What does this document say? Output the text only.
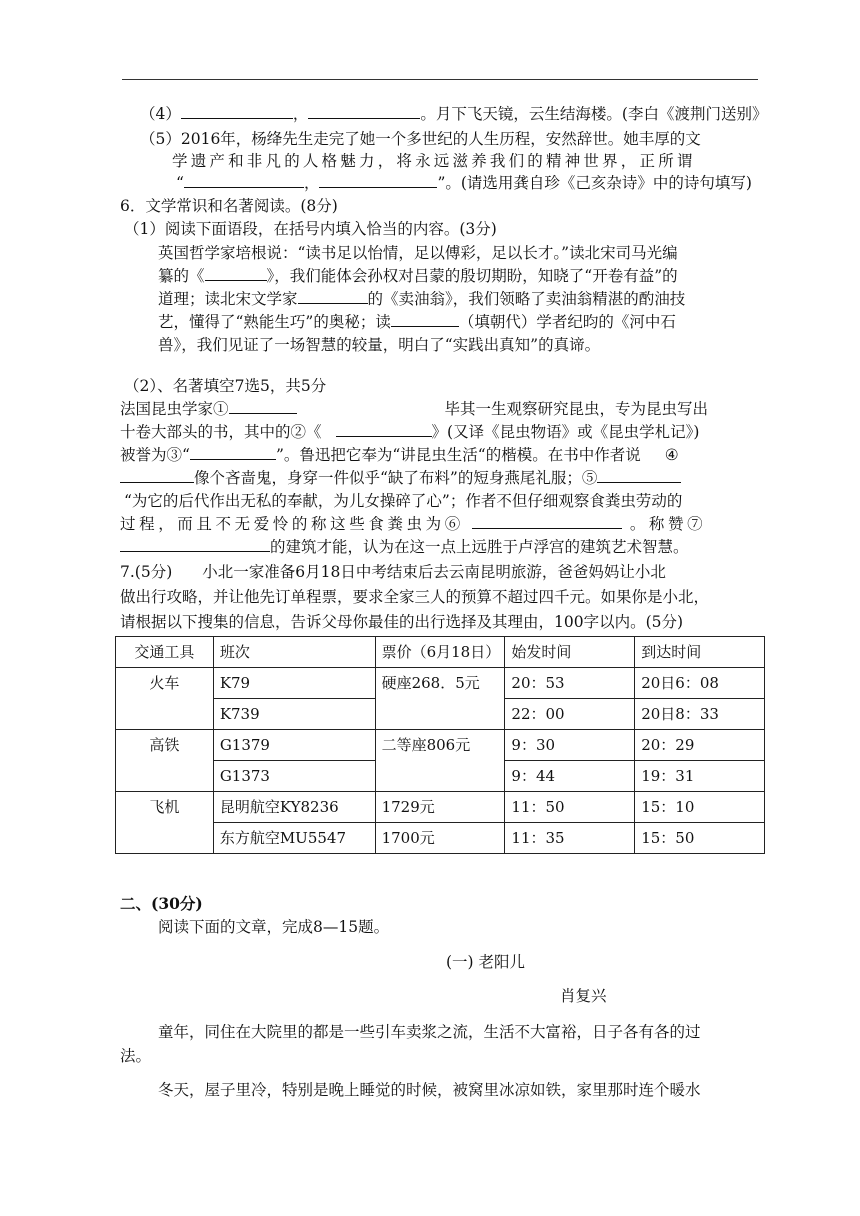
（4）	，	。月下飞天镜，云生结海楼。(李白《渡荆门送别》
（5）2016年，杨绛先生走完了她一个多世纪的人生历程，安然辞世。她丰厚的文
学遗产和非凡的人格魅力，将永远滋养我们的精神世界，正所谓
“	，	”。(请选用龚自珍《己亥杂诗》中的诗句填写)
6．文学常识和名著阅读。(8分)
（1）阅读下面语段，在括号内填入恰当的内容。(3分)
英国哲学家培根说：“读书足以怡情，足以傅彩，足以长才。”读北宋司马光编
纂的《	》，我们能体会孙权对吕蒙的殷切期盼，知晓了“开卷有益”的
道理；读北宋文学家	的《卖油翁》，我们领略了卖油翁精湛的酌油技
艺，懂得了“熟能生巧”的奥秘；读	（填朝代）学者纪昀的《河中石
兽》，我们见证了一场智慧的较量，明白了“实践出真知”的真谛。
（2）、名著填空7选5，共5分
法国昆虫学家①	毕其一生观察研究昆虫，专为昆虫写出
十卷大部头的书，其中的②《	》(又译《昆虫物语》或《昆虫学札记》)
被誉为③“	”。鲁迅把它奉为“讲昆虫生活“的楷模。在书中作者说 ④
像个吝啬鬼，身穿一件似乎“缺了布料”的短身燕尾礼服；⑤
“为它的后代作出无私的奉献，为儿女操碎了心”；作者不但仔细观察食粪虫劳动的
过程，而且不无爱怜的称这些食粪虫为⑥	。称赞⑦
的建筑才能，认为在这一点上远胜于卢浮宫的建筑艺术智慧。
7.(5分) 小北一家准备6月18日中考结束后去云南昆明旅游，爸爸妈妈让小北
做出行攻略，并让他先订单程票，要求全家三人的预算不超过四千元。如果你是小北，
请根据以下搜集的信息，告诉父母你最佳的出行选择及其理由，100字以内。(5分)
交通工具	班次	票价（6月18日）	始发时间	到达时间
火车	K79	硬座268．5元	20：53	20日6：08
	K739		22：00	20日8：33
高铁	G1379	二等座806元	9：30	20：29
	G1373		9：44	19：31
飞机	昆明航空KY8236	1729元	11：50	15：10
	东方航空MU5547	1700元	11：35	15：50
二、(30分)
阅读下面的文章，完成8—15题。
(一) 老阳儿
肖复兴
童年，同住在大院里的都是一些引车卖浆之流，生活不大富裕，日子各有各的过
法。
冬天，屋子里冷，特别是晚上睡觉的时候，被窝里冰凉如铁，家里那时连个暖水
